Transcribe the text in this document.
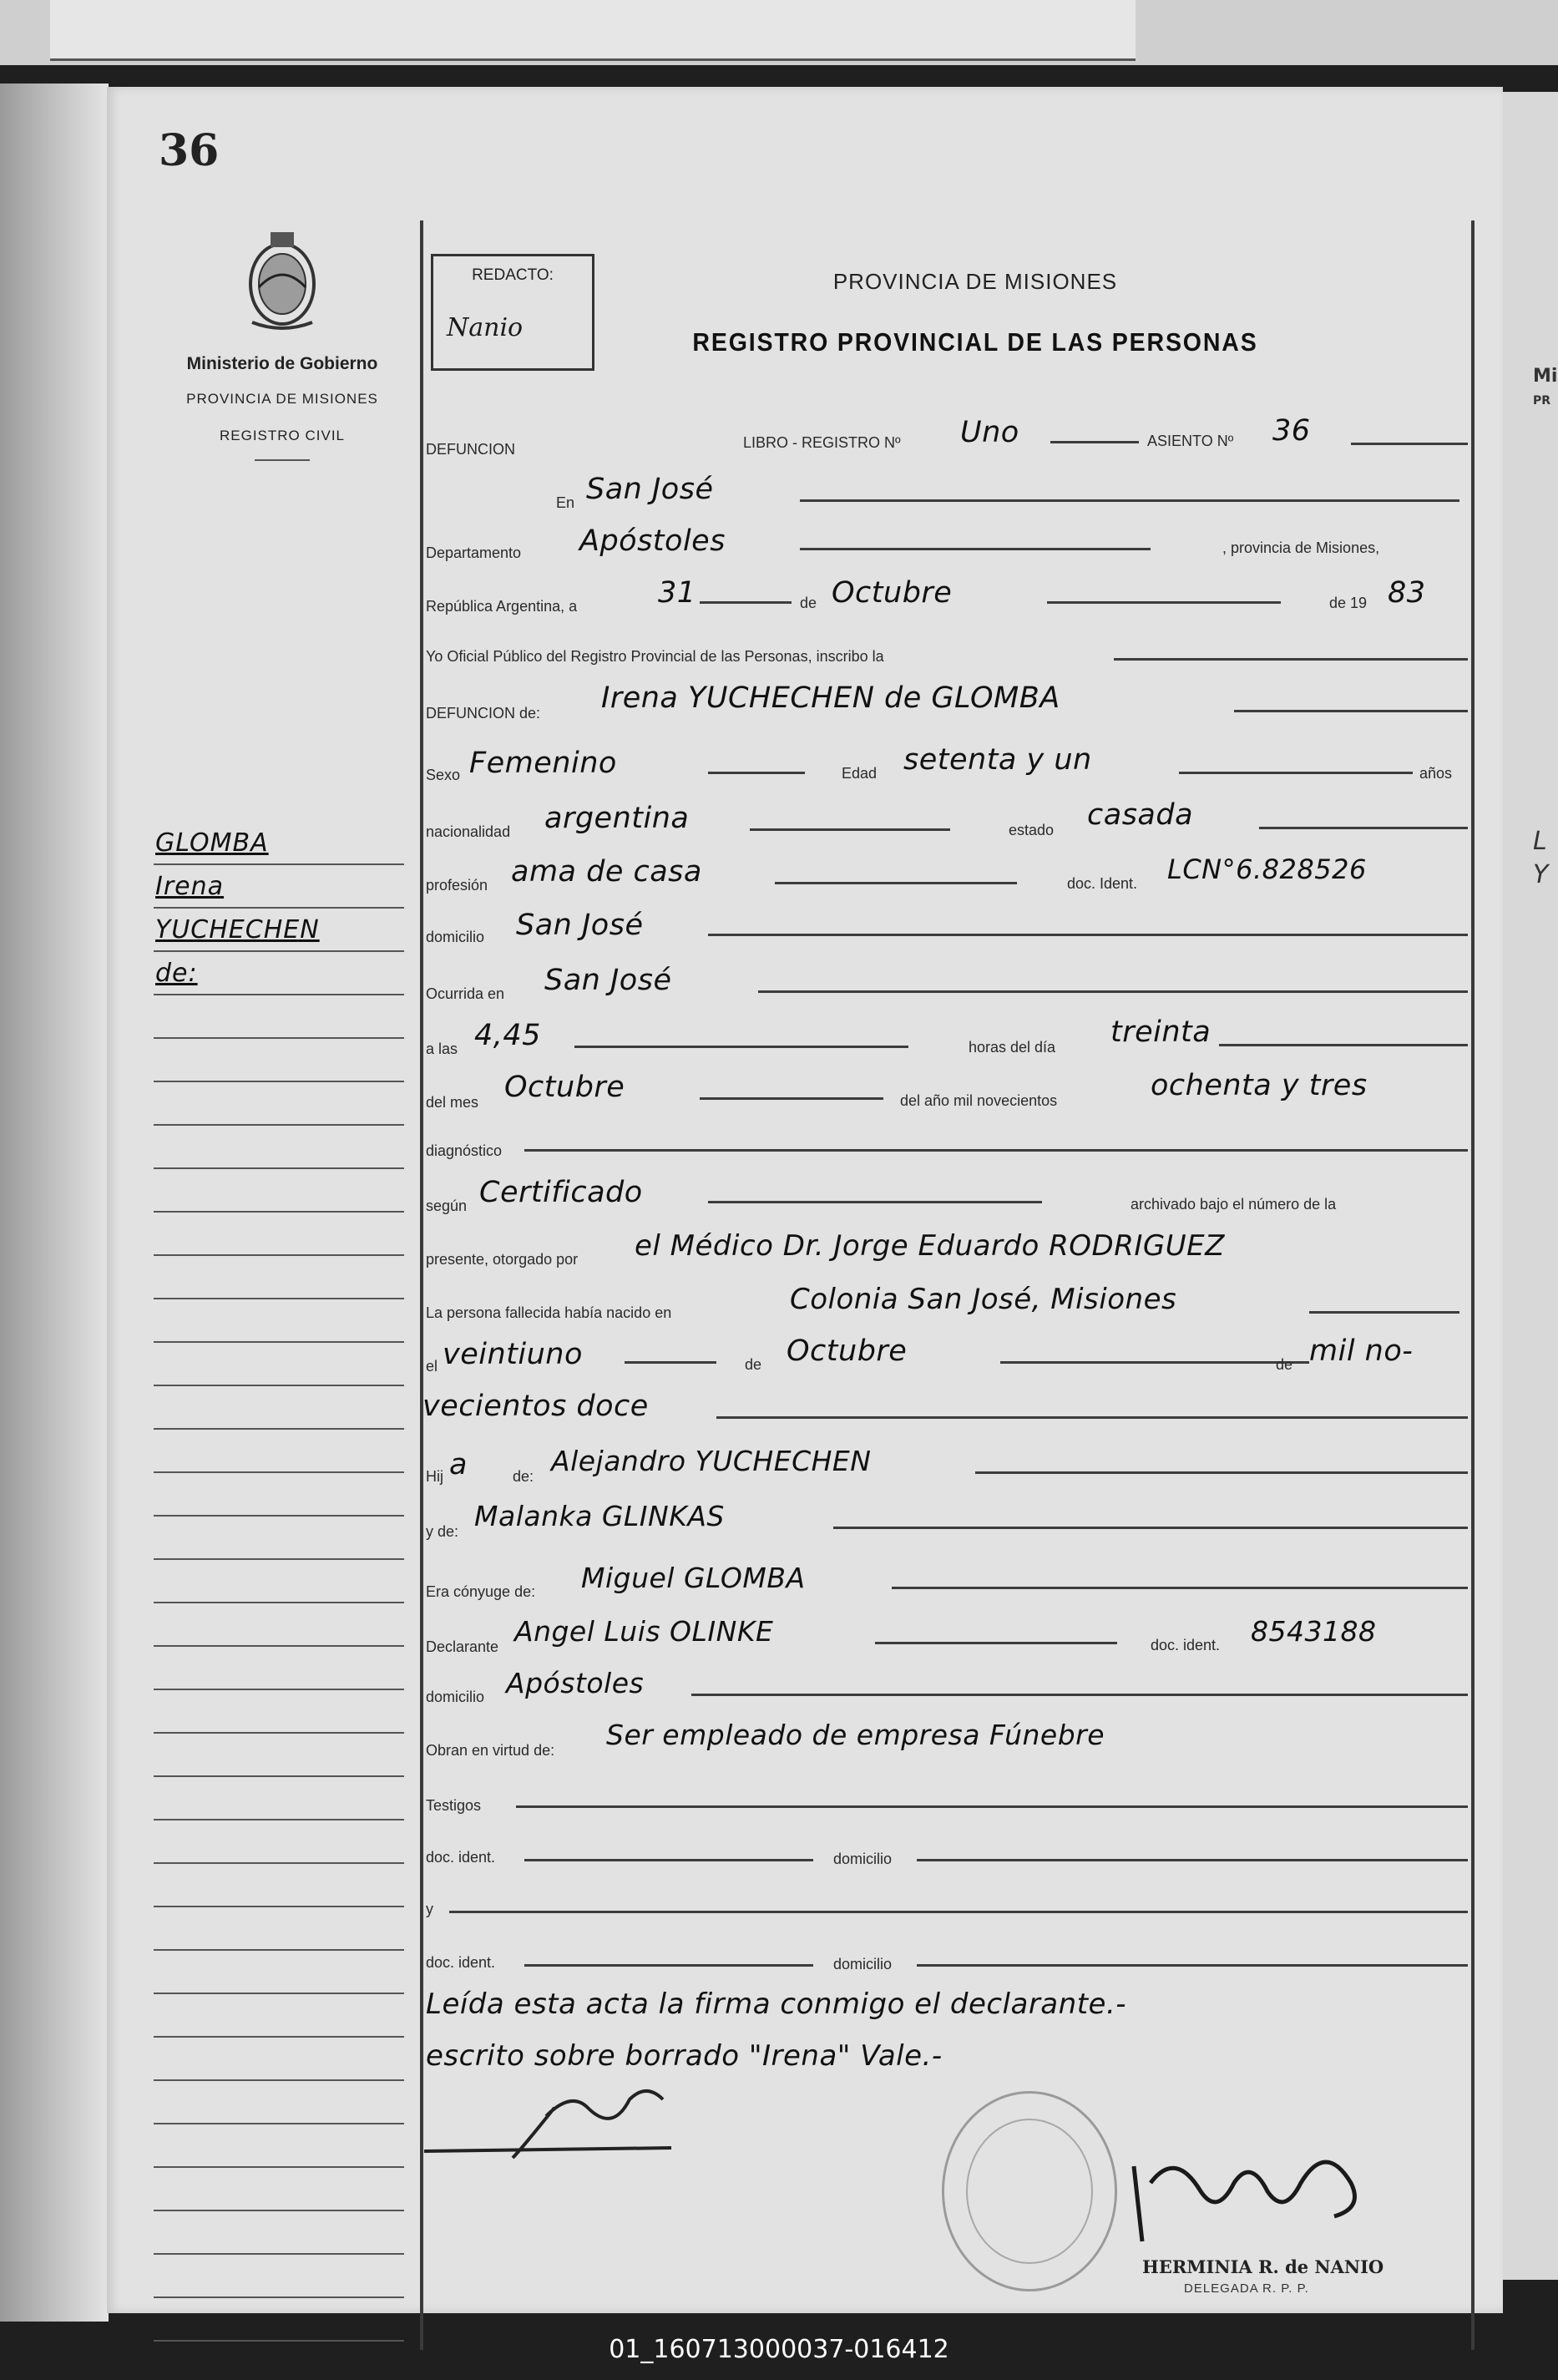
Mi
PR
L
Y
36
Ministerio de Gobierno
PROVINCIA DE MISIONES
REGISTRO CIVIL
REDACTO:
Nanio
PROVINCIA DE MISIONES
REGISTRO PROVINCIAL DE LAS PERSONAS
GLOMBA
Irena
YUCHECHEN
de:
DEFUNCION	LIBRO - REGISTRO Nº Uno	ASIENTO Nº 36
En San José
Departamento Apóstoles	, provincia de Misiones,
República Argentina, a	31	de Octubre	de 19 83
Yo Oficial Público del Registro Provincial de las Personas, inscribo la
DEFUNCION de: Irena YUCHECHEN de GLOMBA
Sexo Femenino	Edad setenta y un	años
nacionalidad argentina	estado casada
profesión ama de casa	doc. Ident. LCN°6.828526
domicilio San José
Ocurrida en San José
a las 4,45	horas del día treinta
del mes Octubre	del año mil novecientos	ochenta y tres
diagnóstico
según Certificado	archivado bajo el número de la
presente, otorgado por el Médico Dr. Jorge Eduardo RODRIGUEZ
La persona fallecida había nacido en	Colonia San José, Misiones
el veintiuno	de Octubre	de mil no-
vecientos doce
Hij a	de: Alejandro YUCHECHEN
y de: Malanka GLINKAS
Era cónyuge de: Miguel GLOMBA
Declarante Angel Luis OLINKE	doc. ident. 8543188
domicilio Apóstoles
Obran en virtud de: Ser empleado de empresa Fúnebre
Testigos
doc. ident.	domicilio
y
doc. ident.	domicilio
Leída esta acta la firma conmigo el declarante.-
escrito sobre borrado "Irena" Vale.-
HERMINIA R. de NANIO
DELEGADA R. P. P.
01_160713000037-016412
